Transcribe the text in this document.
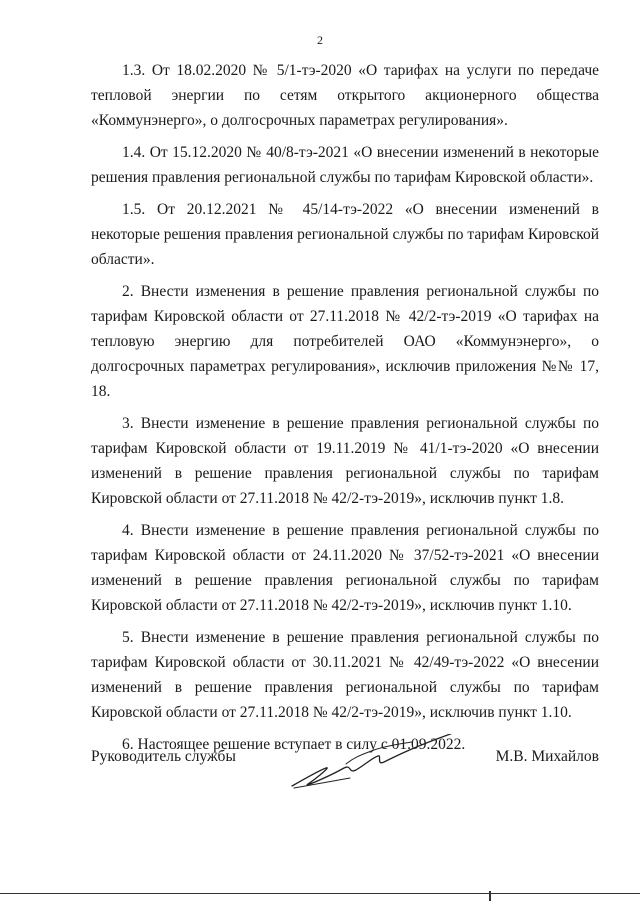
2

1.3. От 18.02.2020 № 5/1-тэ-2020 «О тарифах на услуги по передаче тепловой энергии по сетям открытого акционерного общества «Коммунэнерго», о долгосрочных параметрах регулирования».

1.4. От 15.12.2020 № 40/8-тэ-2021 «О внесении изменений в некоторые решения правления региональной службы по тарифам Кировской области».

1.5. От 20.12.2021 № 45/14-тэ-2022 «О внесении изменений в некоторые решения правления региональной службы по тарифам Кировской области».

2. Внести изменения в решение правления региональной службы по тарифам Кировской области от 27.11.2018 № 42/2-тэ-2019 «О тарифах на тепловую энергию для потребителей ОАО «Коммунэнерго», о долгосрочных параметрах регулирования», исключив приложения №№ 17, 18.

3. Внести изменение в решение правления региональной службы по тарифам Кировской области от 19.11.2019 № 41/1-тэ-2020 «О внесении изменений в решение правления региональной службы по тарифам Кировской области от 27.11.2018 № 42/2-тэ-2019», исключив пункт 1.8.

4. Внести изменение в решение правления региональной службы по тарифам Кировской области от 24.11.2020 № 37/52-тэ-2021 «О внесении изменений в решение правления региональной службы по тарифам Кировской области от 27.11.2018 № 42/2-тэ-2019», исключив пункт 1.10.

5. Внести изменение в решение правления региональной службы по тарифам Кировской области от 30.11.2021 № 42/49-тэ-2022 «О внесении изменений в решение правления региональной службы по тарифам Кировской области от 27.11.2018 № 42/2-тэ-2019», исключив пункт 1.10.

6. Настоящее решение вступает в силу с 01.09.2022.

Руководитель службы	М.В. Михайлов
